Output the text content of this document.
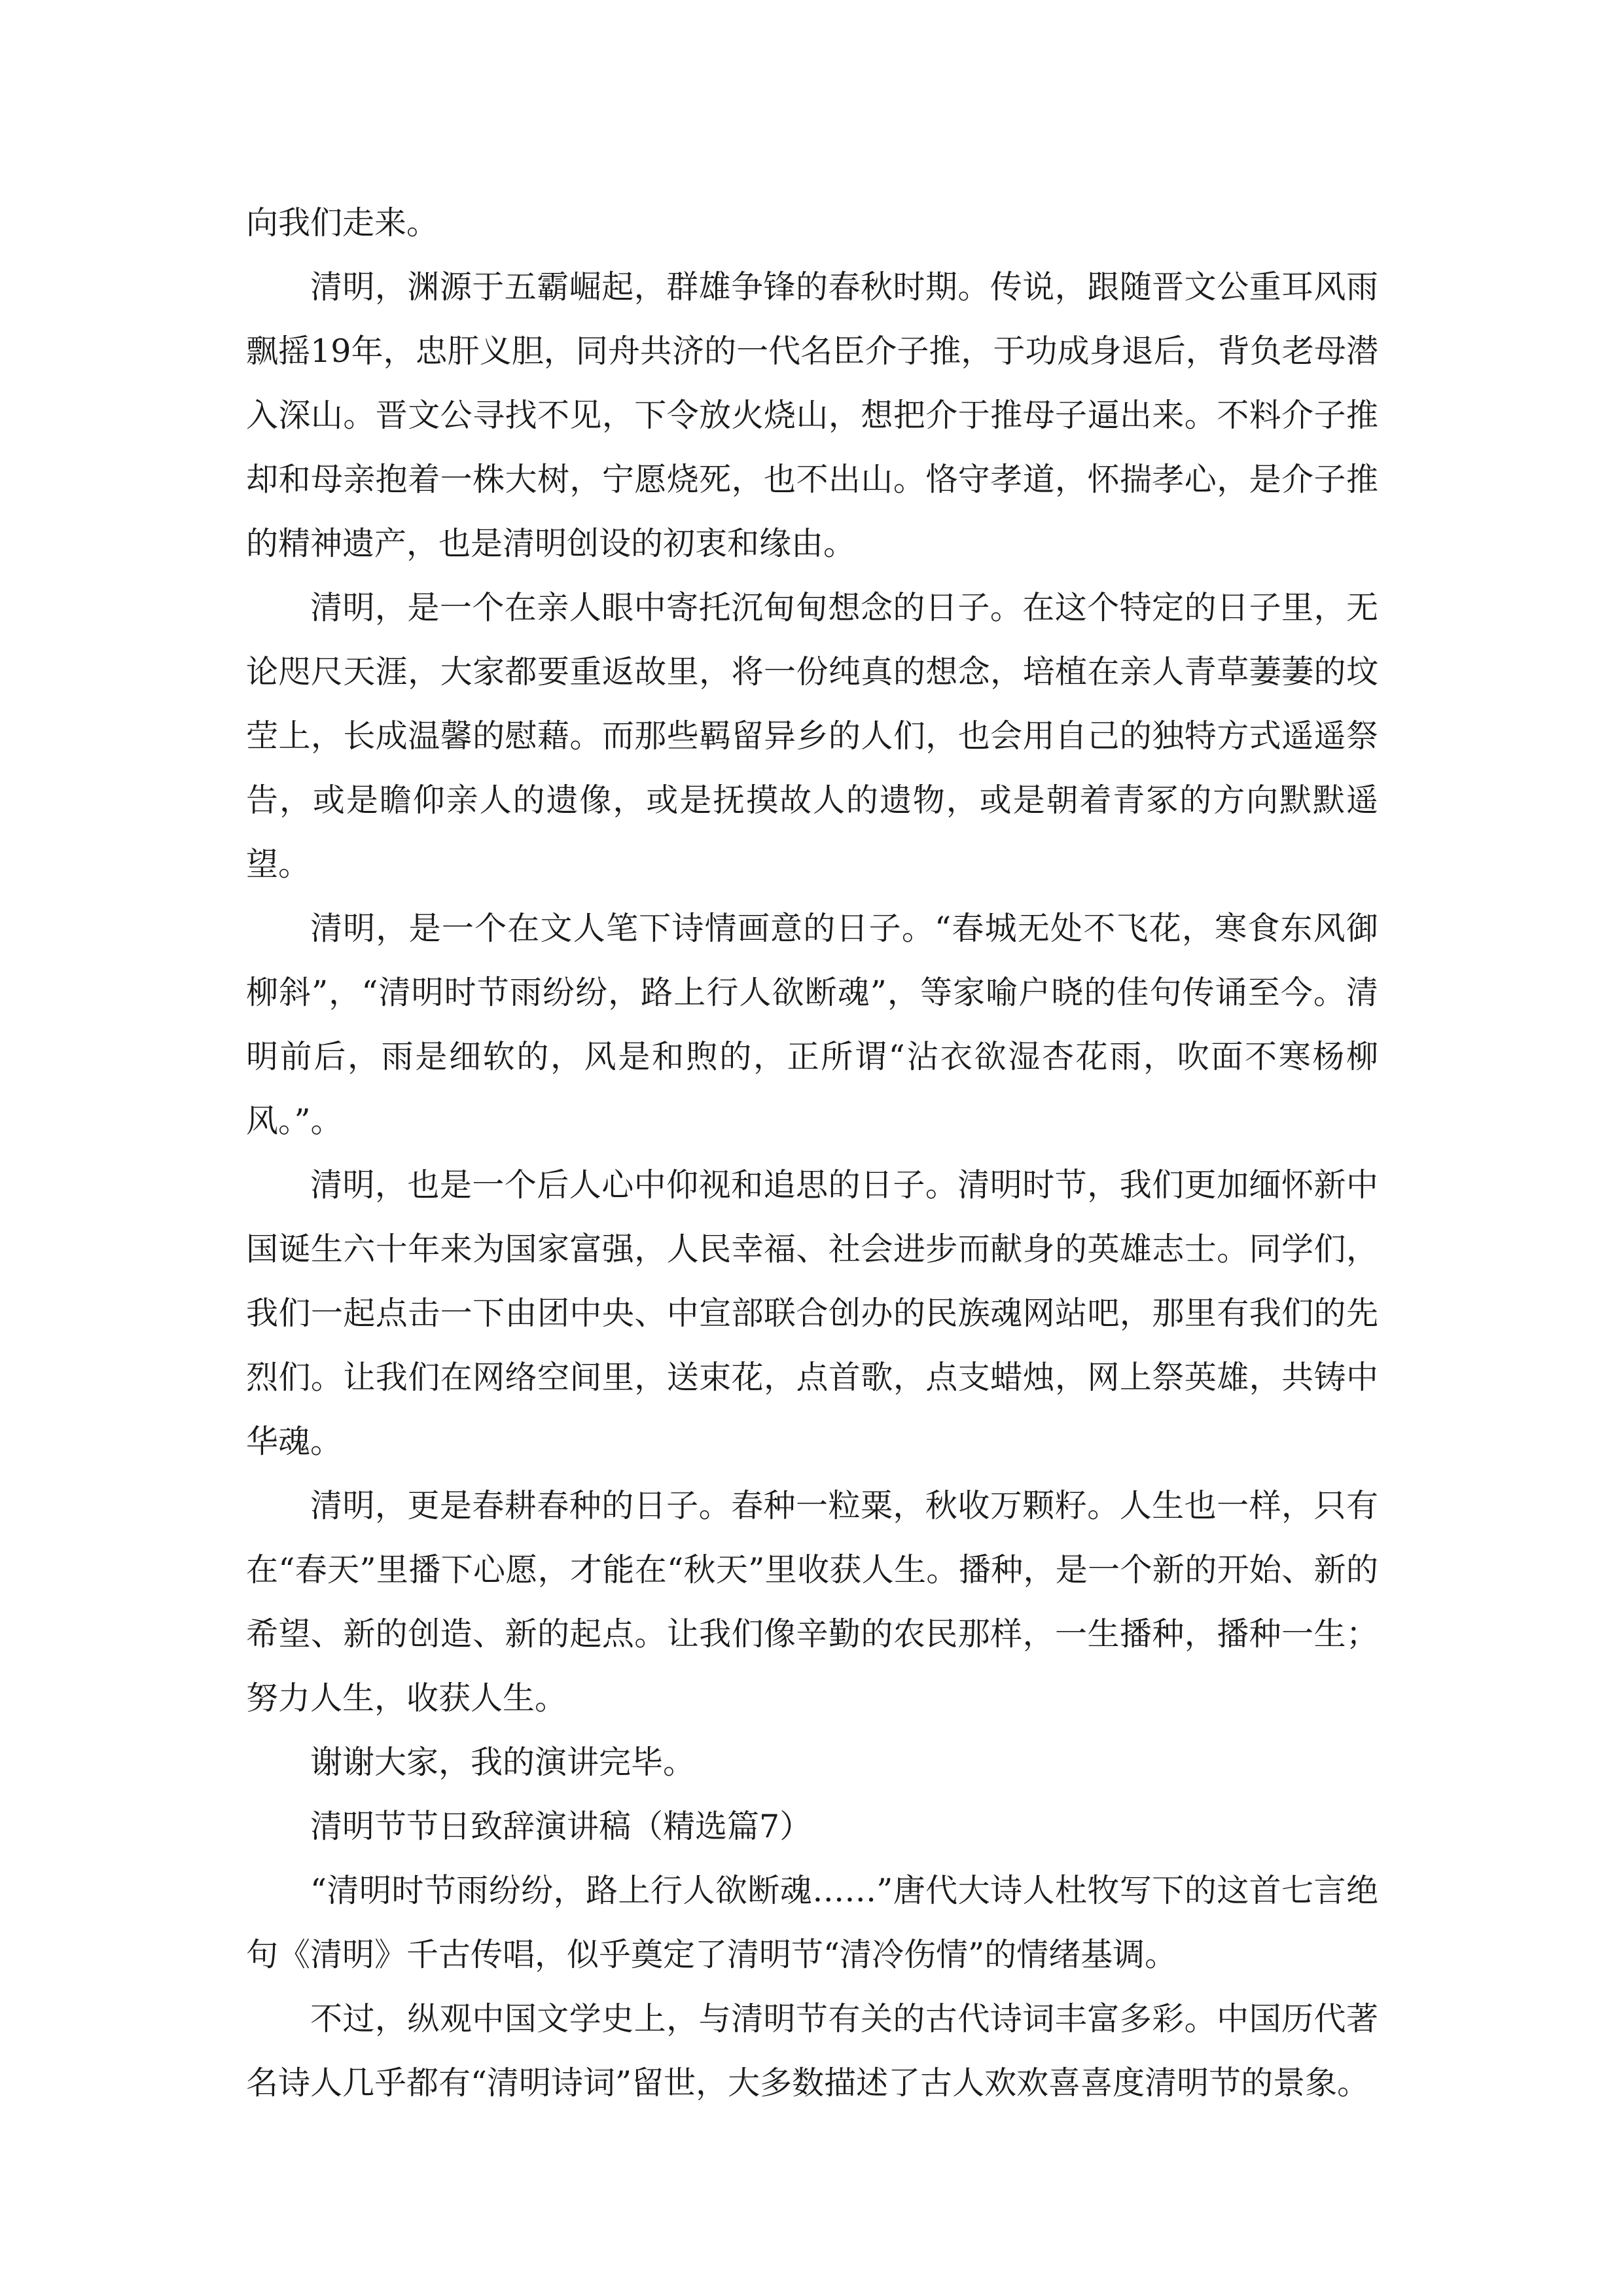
向我们走来。

清明，渊源于五霸崛起，群雄争锋的春秋时期。传说，跟随晋文公重耳风雨飘摇19年，忠肝义胆，同舟共济的一代名臣介子推，于功成身退后，背负老母潜入深山。晋文公寻找不见，下令放火烧山，想把介于推母子逼出来。不料介子推却和母亲抱着一株大树，宁愿烧死，也不出山。恪守孝道，怀揣孝心，是介子推的精神遗产，也是清明创设的初衷和缘由。

清明，是一个在亲人眼中寄托沉甸甸想念的日子。在这个特定的日子里，无论咫尺天涯，大家都要重返故里，将一份纯真的想念，培植在亲人青草萋萋的坟茔上，长成温馨的慰藉。而那些羁留异乡的人们，也会用自己的独特方式遥遥祭告，或是瞻仰亲人的遗像，或是抚摸故人的遗物，或是朝着青冢的方向默默遥望。

清明，是一个在文人笔下诗情画意的日子。“春城无处不飞花，寒食东风御柳斜”，“清明时节雨纷纷，路上行人欲断魂”，等家喻户晓的佳句传诵至今。清明前后，雨是细软的，风是和煦的，正所谓“沾衣欲湿杏花雨，吹面不寒杨柳风。”。

清明，也是一个后人心中仰视和追思的日子。清明时节，我们更加缅怀新中国诞生六十年来为国家富强，人民幸福、社会进步而献身的英雄志士。同学们，我们一起点击一下由团中央、中宣部联合创办的民族魂网站吧，那里有我们的先烈们。让我们在网络空间里，送束花，点首歌，点支蜡烛，网上祭英雄，共铸中华魂。

清明，更是春耕春种的日子。春种一粒粟，秋收万颗籽。人生也一样，只有在“春天”里播下心愿，才能在“秋天”里收获人生。播种，是一个新的开始、新的希望、新的创造、新的起点。让我们像辛勤的农民那样，一生播种，播种一生；努力人生，收获人生。

谢谢大家，我的演讲完毕。

清明节节日致辞演讲稿（精选篇7）

“清明时节雨纷纷，路上行人欲断魂……”唐代大诗人杜牧写下的这首七言绝句《清明》千古传唱，似乎奠定了清明节“清冷伤情”的情绪基调。

不过，纵观中国文学史上，与清明节有关的古代诗词丰富多彩。中国历代著名诗人几乎都有“清明诗词”留世，大多数描述了古人欢欢喜喜度清明节的景象。
